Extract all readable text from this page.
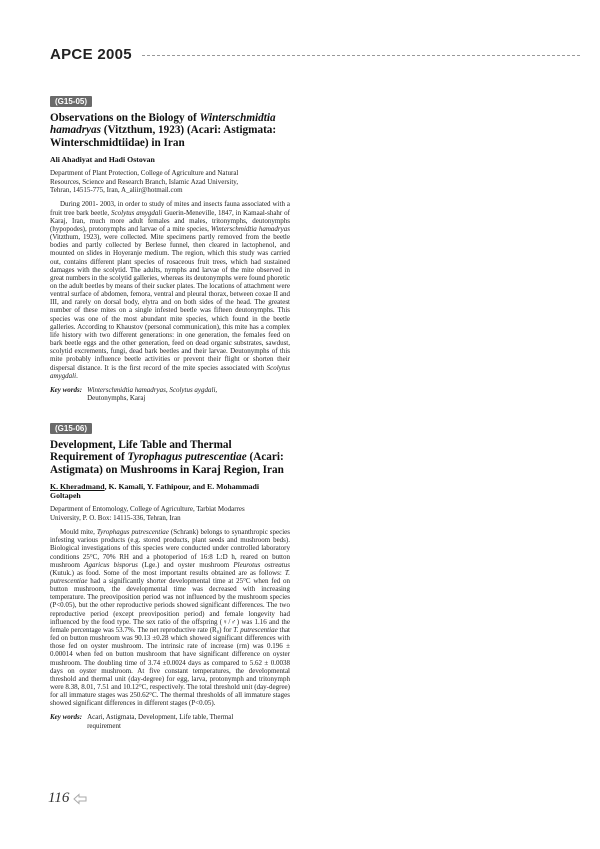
APCE 2005
(G15-05)
Observations on the Biology of Winterschmidtia hamadryas (Vitzthum, 1923) (Acari: Astigmata: Winterschmidtiidae) in Iran
Ali Ahadiyat and Hadi Ostovan
Department of Plant Protection, College of Agriculture and Natural
Resources, Science and Research Branch, Islamic Azad University,
Tehran, 14515-775, Iran, A_aliir@hotmail.com
During 2001- 2003, in order to study of mites and insects fauna associated with a fruit tree bark beetle, Scolytus amygdali Guerin-Meneville, 1847, in Kamaal-shahr of Karaj, Iran, much more adult females and males, tritonymphs, deutonymphs (hypopodes), protonymphs and larvae of a mite species, Winterschmidtia hamadryas (Vitzthum, 1923), were collected. Mite specimens partly removed from the beetle bodies and partly collected by Berlese funnel, then cleared in lactophenol, and mounted on slides in Hoyeranje medium. The region, which this study was carried out, contains different plant species of rosaceous fruit trees, which had sustained damages with the scolytid. The adults, nymphs and larvae of the mite observed in great numbers in the scolytid galleries, whereas its deutonymphs were found phoretic on the adult beetles by means of their sucker plates. The locations of attachment were ventral surface of abdomen, femora, ventral and pleural thorax, between coxae II and III, and rarely on dorsal body, elytra and on both sides of the head. The greatest number of these mites on a single infested beetle was fifteen deutonymphs. This species was one of the most abundant mite species, which found in the beetle galleries. According to Khaustov (personal communication), this mite has a complex life history with two different generations: in one generation, the females feed on bark beetle eggs and the other generation, feed on dead organic substrates, sawdust, scolytid excrements, fungi, dead bark beetles and their larvae. Deutonymphs of this mite probably influence beetle activities or prevent their flight or shorten their dispersal distance. It is the first record of the mite species associated with Scolytus amygdali.
Key words: Winterschmidtia hamadryas, Scolytus aygdali,
Deutonymphs, Karaj
(G15-06)
Development, Life Table and Thermal Requirement of Tyrophagus putrescentiae (Acari: Astigmata) on Mushrooms in Karaj Region, Iran
K. Kheradmand, K. Kamali, Y. Fathipour, and E. Mohammadi Goltapeh
Department of Entomology, College of Agriculture, Tarbiat Modarres
University, P. O. Box: 14115-336, Tehran, Iran
Mould mite, Tyrophagus putrescentiae (Schrank) belongs to synanthropic species infesting various products (e.g. stored products, plant seeds and mushroom beds). Biological investigations of this species were conducted under controlled laboratory conditions 25°C, 70% RH and a photoperiod of 16:8 L:D h, reared on button mushroom Agaricus bisporus (Lge.) and oyster mushroom Pleurotus ostreatus (Kutuk.) as food. Some of the most important results obtained are as follows: T. putrescentiae had a significantly shorter developmental time at 25°C when fed on button mushroom, the developmental time was decreased with increasing temperature. The preoviposition period was not influenced by the mushroom species (P<0.05), but the other reproductive periods showed significant differences. The two reproductive period (except preoviposition period) and female longevity had influenced by the food type. The sex ratio of the offspring (♀/♂) was 1.16 and the female percentage was 53.7%. The net reproductive rate (R₀) for T. putrescentiae that fed on button mushroom was 90.13 ±0.28 which showed significant differences with those fed on oyster mushroom. The intrinsic rate of increase (rm) was 0.196 ± 0.00014 when fed on button mushroom that have significant difference on oyster mushroom. The doubling time of 3.74 ±0.0024 days as compared to 5.62 ± 0.0038 days on oyster mushroom. At five constant temperatures, the developmental threshold and thermal unit (day-degree) for egg, larva, protonymph and tritonymph were 8.38, 8.01, 7.51 and 10.12°C, respectively. The total threshold unit (day-degree) for all immature stages was 250.62°C. The thermal thresholds of all immature stages showed significant differences in different stages (P<0.05).
Key words: Acari, Astigmata, Development, Life table, Thermal
requirement
116
